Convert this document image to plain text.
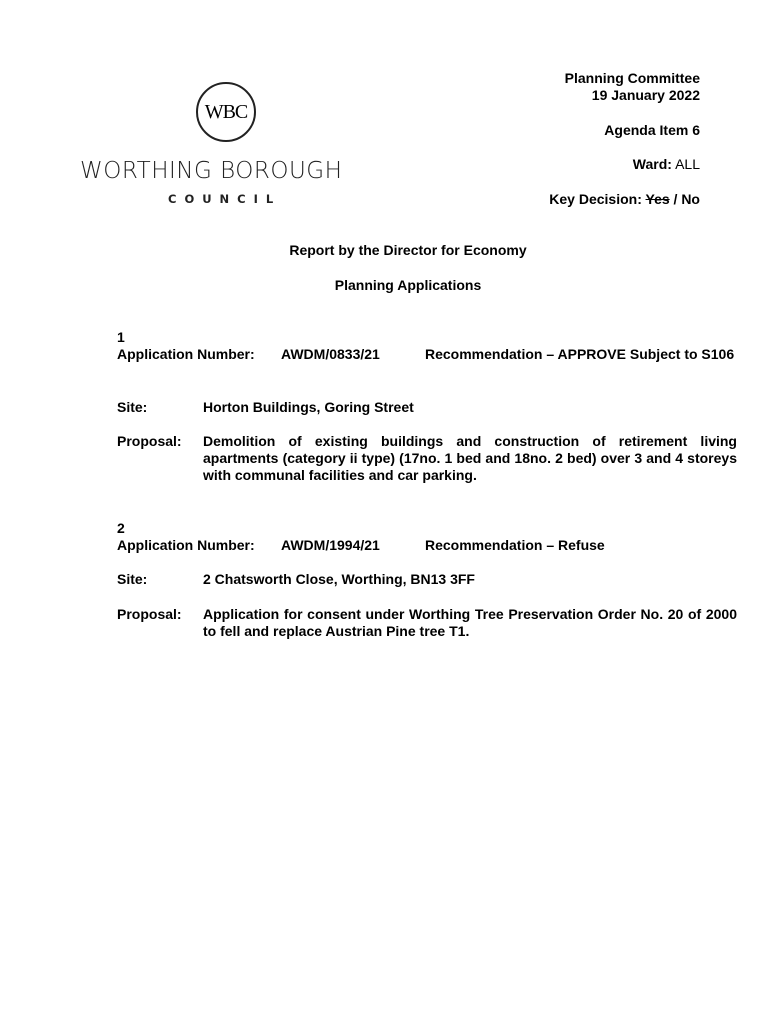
WBC
WORTHING BOROUGH
COUNCIL
Planning Committee
19 January 2022
Agenda Item 6
Ward: ALL
Key Decision: Yes / No
Report by the Director for Economy
Planning Applications
1
Application Number: AWDM/0833/21	Recommendation – APPROVE Subject to S106
Site:	Horton Buildings, Goring Street
Proposal: Demolition of existing buildings and construction of retirement living apartments (category ii type) (17no. 1 bed and 18no. 2 bed) over 3 and 4 storeys with communal facilities and car parking.
2
Application Number: AWDM/1994/21	Recommendation – Refuse
Site:	2 Chatsworth Close, Worthing, BN13 3FF
Proposal: Application for consent under Worthing Tree Preservation Order No. 20 of 2000 to fell and replace Austrian Pine tree T1.
